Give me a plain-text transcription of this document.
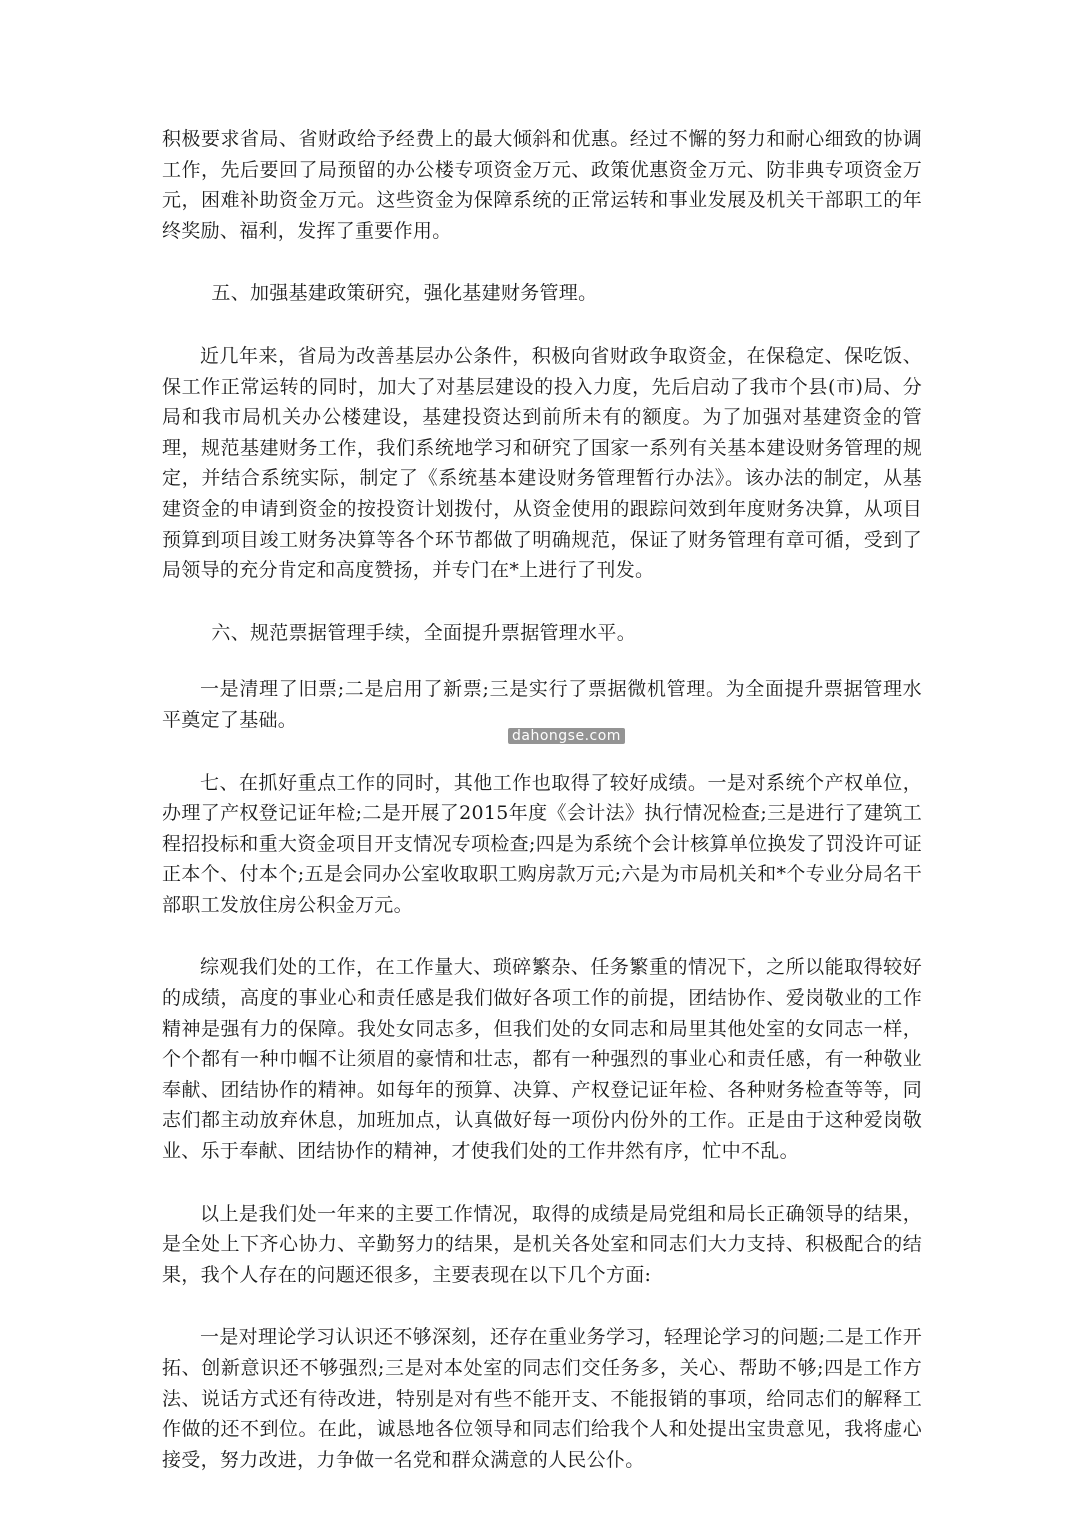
积极要求省局、省财政给予经费上的最大倾斜和优惠。经过不懈的努力和耐心细致的协调工作，先后要回了局预留的办公楼专项资金万元、政策优惠资金万元、防非典专项资金万元，困难补助资金万元。这些资金为保障系统的正常运转和事业发展及机关干部职工的年终奖励、福利，发挥了重要作用。

五、加强基建政策研究，强化基建财务管理。

近几年来，省局为改善基层办公条件，积极向省财政争取资金，在保稳定、保吃饭、保工作正常运转的同时，加大了对基层建设的投入力度，先后启动了我市个县(市)局、分局和我市局机关办公楼建设，基建投资达到前所未有的额度。为了加强对基建资金的管理，规范基建财务工作，我们系统地学习和研究了国家一系列有关基本建设财务管理的规定，并结合系统实际，制定了《系统基本建设财务管理暂行办法》。该办法的制定，从基建资金的申请到资金的按投资计划拨付，从资金使用的跟踪问效到年度财务决算，从项目预算到项目竣工财务决算等各个环节都做了明确规范，保证了财务管理有章可循，受到了局领导的充分肯定和高度赞扬，并专门在*上进行了刊发。

六、规范票据管理手续，全面提升票据管理水平。

一是清理了旧票;二是启用了新票;三是实行了票据微机管理。为全面提升票据管理水平奠定了基础。

七、在抓好重点工作的同时，其他工作也取得了较好成绩。一是对系统个产权单位，办理了产权登记证年检;二是开展了2015年度《会计法》执行情况检查;三是进行了建筑工程招投标和重大资金项目开支情况专项检查;四是为系统个会计核算单位换发了罚没许可证正本个、付本个;五是会同办公室收取职工购房款万元;六是为市局机关和*个专业分局名干部职工发放住房公积金万元。

综观我们处的工作，在工作量大、琐碎繁杂、任务繁重的情况下，之所以能取得较好的成绩，高度的事业心和责任感是我们做好各项工作的前提，团结协作、爱岗敬业的工作精神是强有力的保障。我处女同志多，但我们处的女同志和局里其他处室的女同志一样，个个都有一种巾帼不让须眉的豪情和壮志，都有一种强烈的事业心和责任感，有一种敬业奉献、团结协作的精神。如每年的预算、决算、产权登记证年检、各种财务检查等等，同志们都主动放弃休息，加班加点，认真做好每一项份内份外的工作。正是由于这种爱岗敬业、乐于奉献、团结协作的精神，才使我们处的工作井然有序，忙中不乱。

以上是我们处一年来的主要工作情况，取得的成绩是局党组和局长正确领导的结果，是全处上下齐心协力、辛勤努力的结果，是机关各处室和同志们大力支持、积极配合的结果，我个人存在的问题还很多，主要表现在以下几个方面:

一是对理论学习认识还不够深刻，还存在重业务学习，轻理论学习的问题;二是工作开拓、创新意识还不够强烈;三是对本处室的同志们交任务多，关心、帮助不够;四是工作方法、说话方式还有待改进，特别是对有些不能开支、不能报销的事项，给同志们的解释工作做的还不到位。在此，诚恳地各位领导和同志们给我个人和处提出宝贵意见，我将虚心接受，努力改进，力争做一名党和群众满意的人民公仆。

dahongse.com
